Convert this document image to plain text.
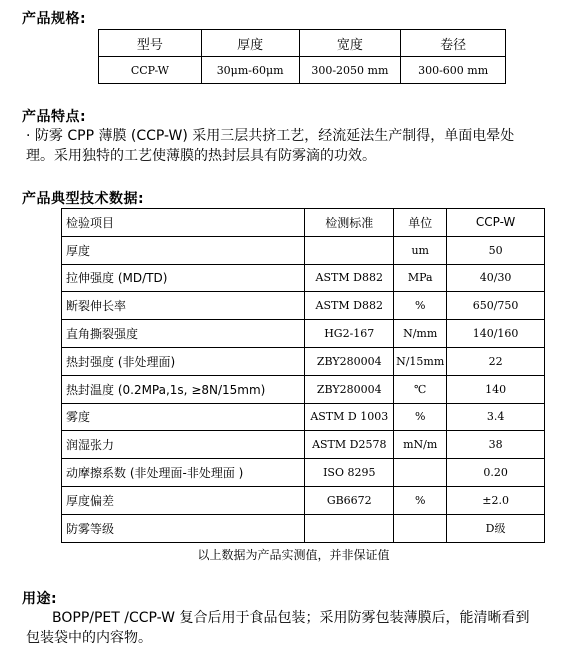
产品规格:
型号	厚度	宽度	卷径
CCP-W	30μm-60μm	300-2050 mm	300-600 mm
产品特点:
· 防雾 CPP 薄膜 (CCP-W) 采用三层共挤工艺，经流延法生产制得，单面电晕处
理。采用独特的工艺使薄膜的热封层具有防雾滴的功效。
产品典型技术数据:
检验项目	检测标准	单位	CCP-W
厚度		um	50
拉伸强度 (MD/TD)	ASTM D882	MPa	40/30
断裂伸长率	ASTM D882	%	650/750
直角撕裂强度	HG2-167	N/mm	140/160
热封强度 (非处理面)	ZBY280004	N/15mm	22
热封温度 (0.2MPa,1s, ≥8N/15mm)	ZBY280004	℃	140
雾度	ASTM D 1003	%	3.4
润湿张力	ASTM D2578	mN/m	38
动摩擦系数 (非处理面-非处理面 )	ISO 8295		0.20
厚度偏差	GB6672	%	±2.0
防雾等级			D级
以上数据为产品实测值，并非保证值
用途:
BOPP/PET /CCP-W 复合后用于食品包装；采用防雾包装薄膜后，能清晰看到
包装袋中的内容物。
